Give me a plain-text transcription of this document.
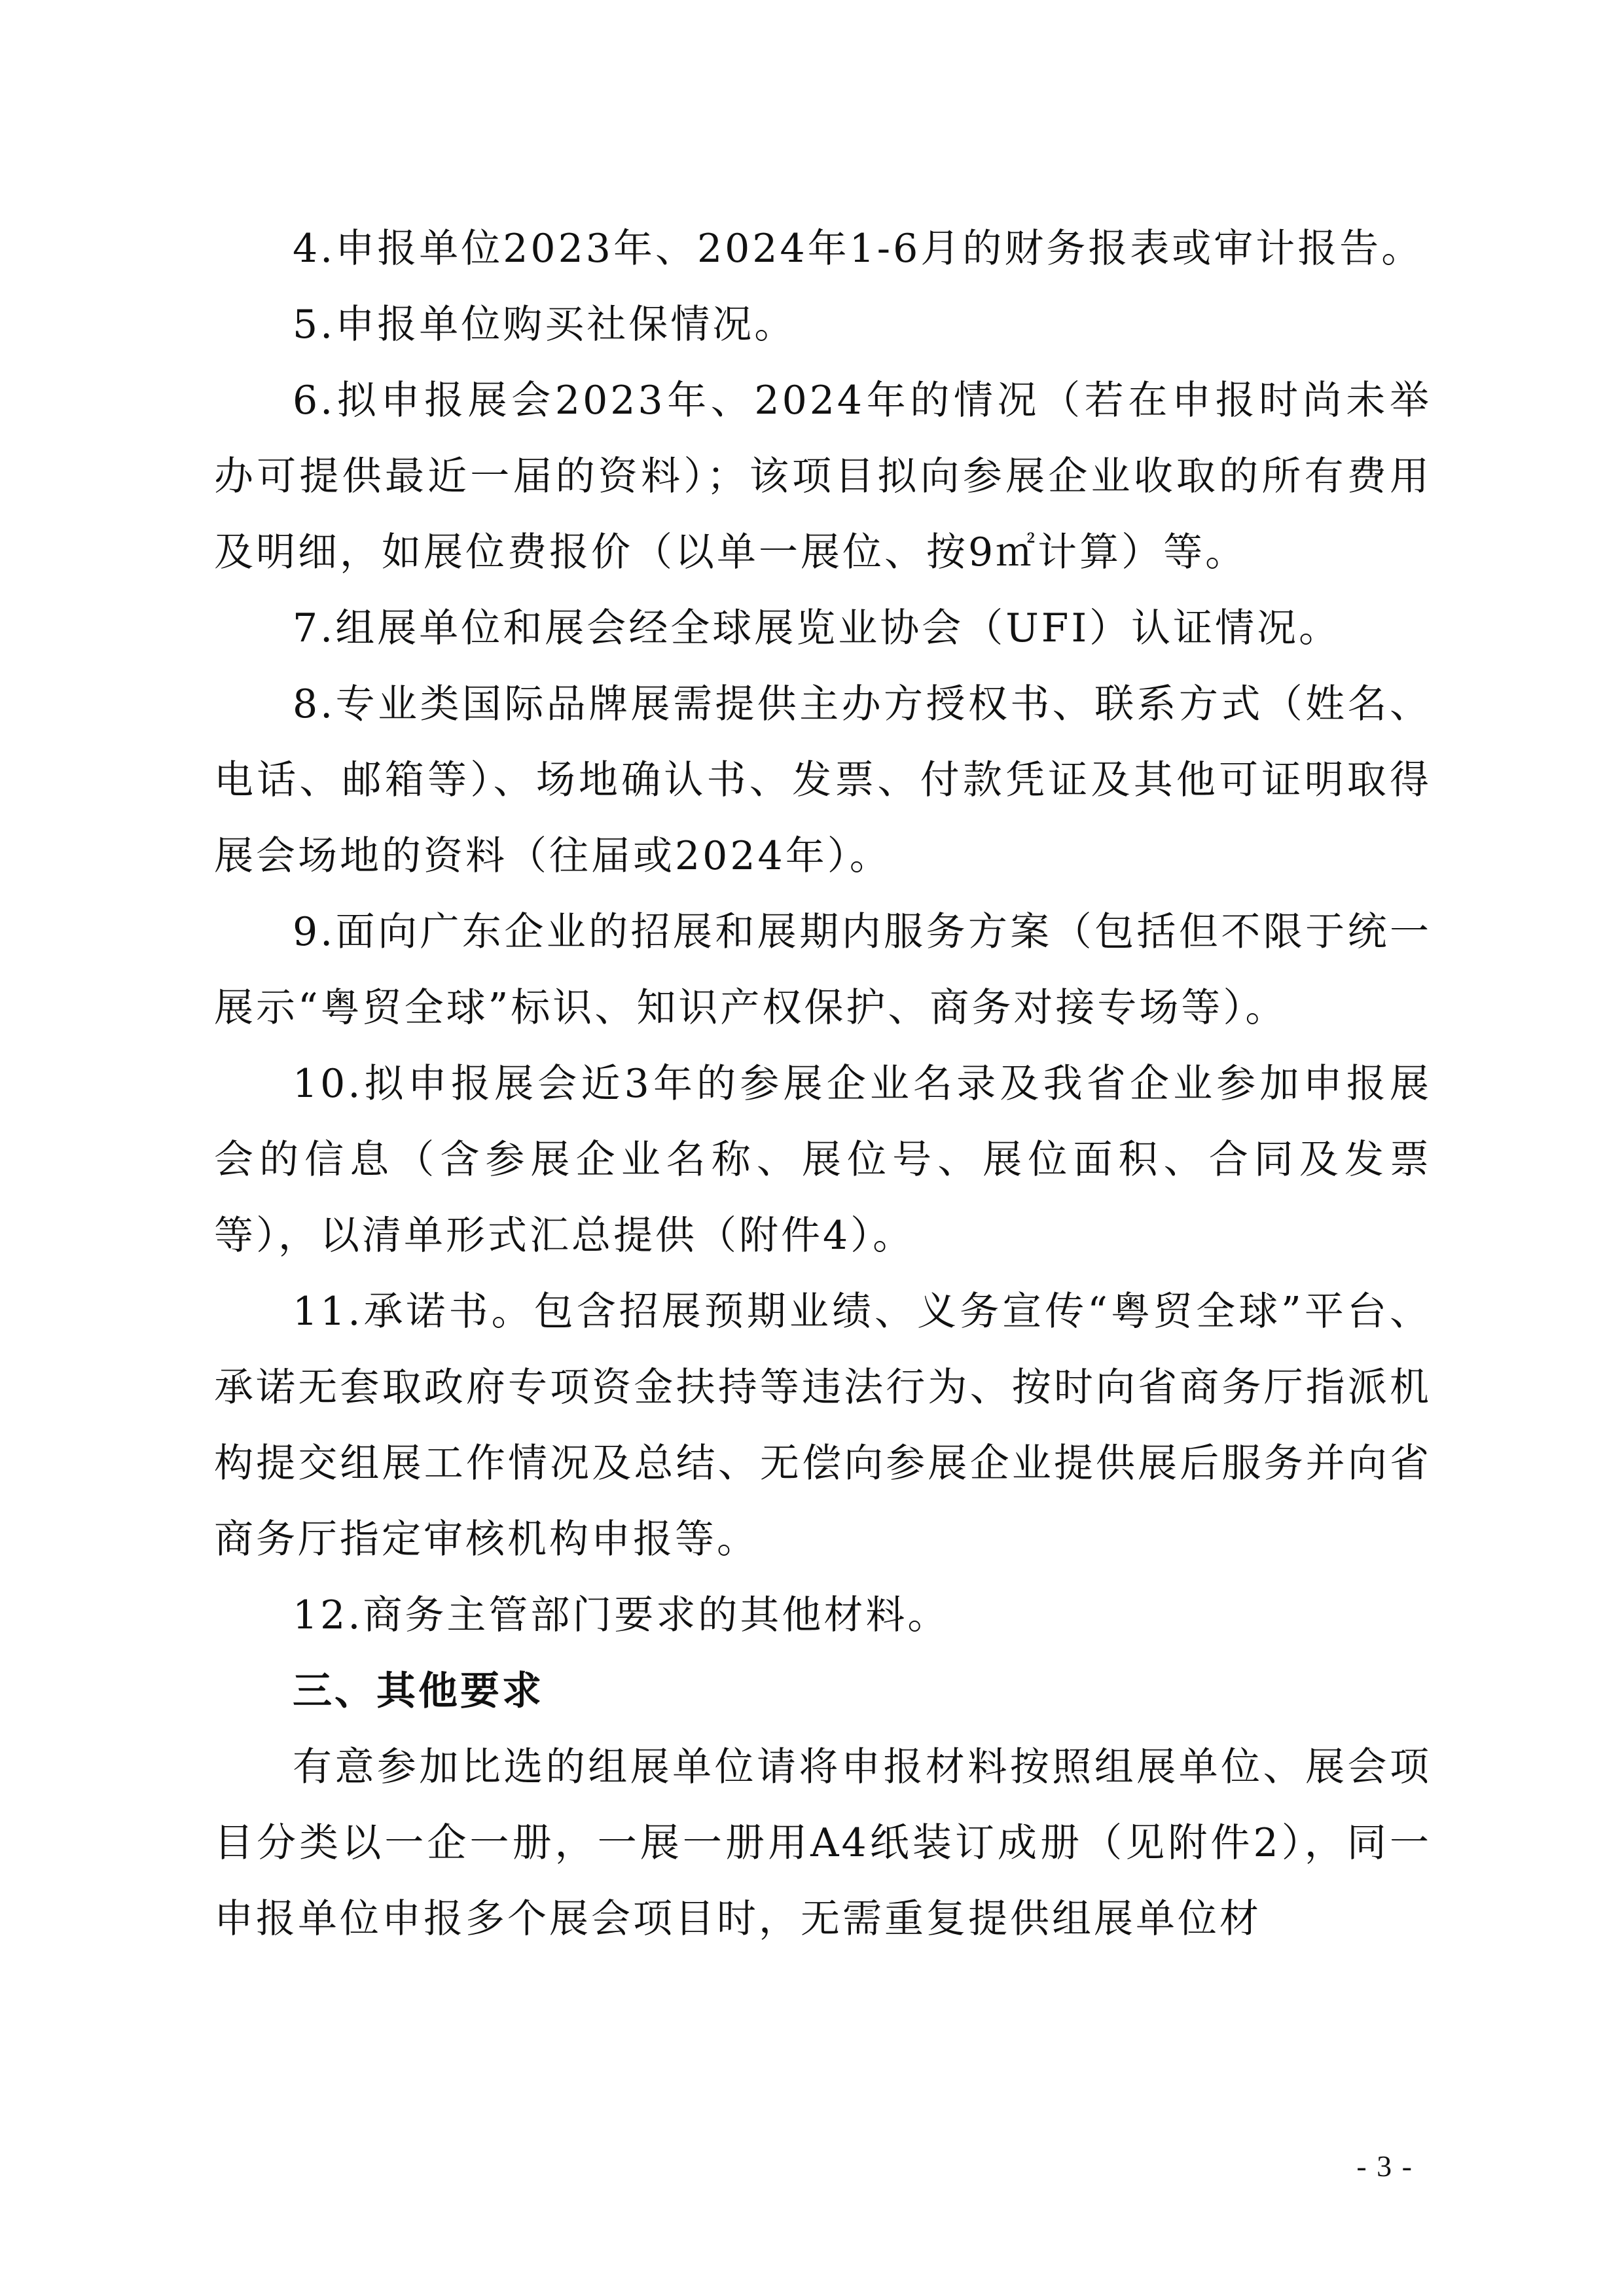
4.申报单位2023年、2024年1-6月的财务报表或审计报告。

5.申报单位购买社保情况。

6.拟申报展会2023年、2024年的情况（若在申报时尚未举办可提供最近一届的资料）；该项目拟向参展企业收取的所有费用及明细，如展位费报价（以单一展位、按9㎡计算）等。

7.组展单位和展会经全球展览业协会（UFI）认证情况。

8.专业类国际品牌展需提供主办方授权书、联系方式（姓名、电话、邮箱等）、场地确认书、发票、付款凭证及其他可证明取得展会场地的资料（往届或2024年）。

9.面向广东企业的招展和展期内服务方案（包括但不限于统一展示“粤贸全球”标识、知识产权保护、商务对接专场等）。

10.拟申报展会近3年的参展企业名录及我省企业参加申报展会的信息（含参展企业名称、展位号、展位面积、合同及发票等），以清单形式汇总提供（附件4）。

11.承诺书。包含招展预期业绩、义务宣传“粤贸全球”平台、承诺无套取政府专项资金扶持等违法行为、按时向省商务厅指派机构提交组展工作情况及总结、无偿向参展企业提供展后服务并向省商务厅指定审核机构申报等。

12.商务主管部门要求的其他材料。

三、其他要求

有意参加比选的组展单位请将申报材料按照组展单位、展会项目分类以一企一册，一展一册用A4纸装订成册（见附件2），同一申报单位申报多个展会项目时，无需重复提供组展单位材

- 3 -
